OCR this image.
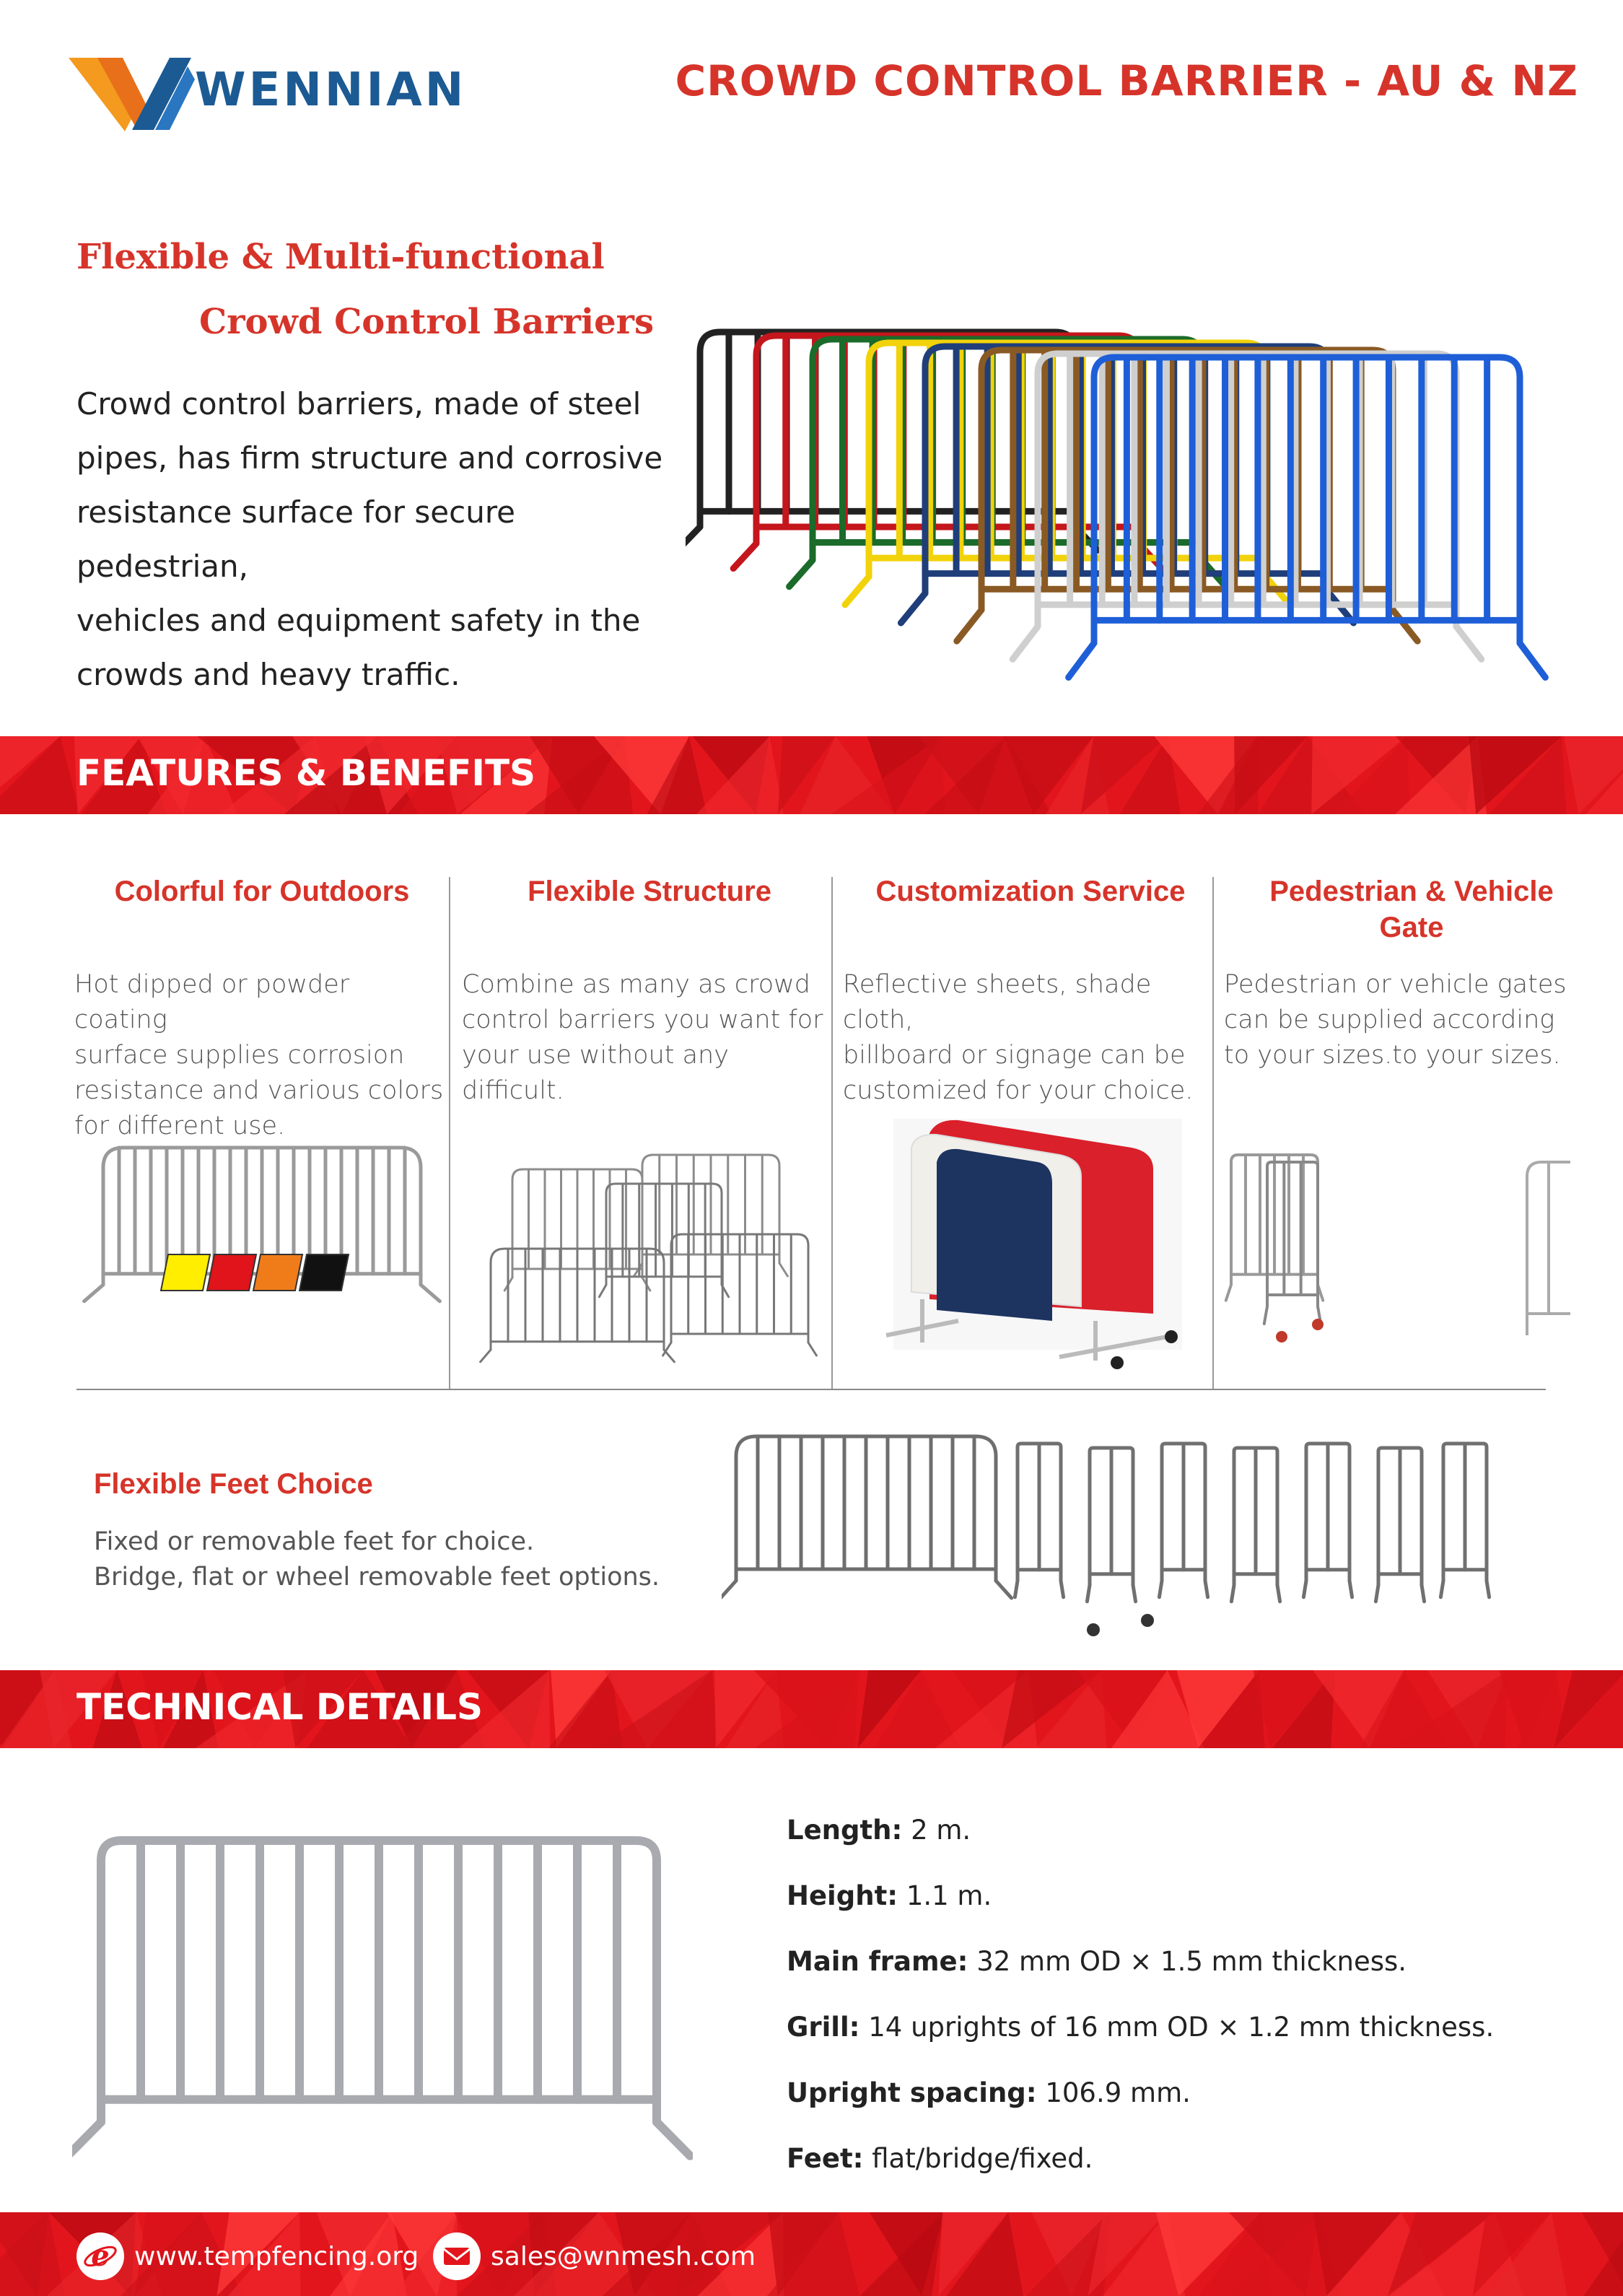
WENNIAN	CROWD CONTROL BARRIER - AU & NZ
Flexible & Multi-functional
Crowd Control Barriers
Crowd control barriers, made of steel
pipes, has firm structure and corrosive
resistance surface for secure pedestrian,
vehicles and equipment safety in the
crowds and heavy traffic.
FEATURES & BENEFITS
Colorful for Outdoors
Hot dipped or powder coating
surface supplies corrosion
resistance and various colors
for different use.
Flexible Structure
Combine as many as crowd
control barriers you want for
your use without any difficult.
Customization Service
Reflective sheets, shade cloth,
billboard or signage can be
customized for your choice.
Pedestrian & Vehicle
Gate
Pedestrian or vehicle gates
can be supplied according
to your sizes.to your sizes.
Flexible Feet Choice
Fixed or removable feet for choice.
Bridge, flat or wheel removable feet options.
TECHNICAL DETAILS
Length: 2 m.
Height: 1.1 m.
Main frame: 32 mm OD × 1.5 mm thickness.
Grill: 14 uprights of 16 mm OD × 1.2 mm thickness.
Upright spacing: 106.9 mm.
Feet: flat/bridge/fixed.
e www.tempfencing.org	sales@wnmesh.com
